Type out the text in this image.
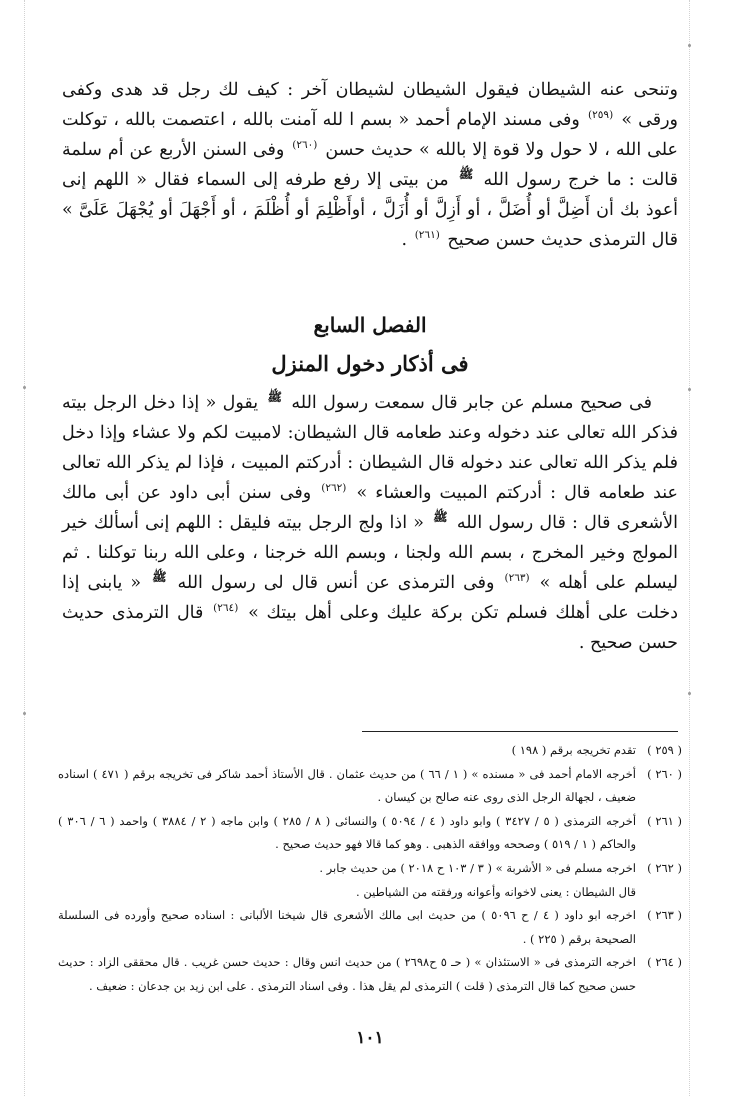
وتنحى عنه الشيطان فيقول الشيطان لشيطان آخر : كيف لك رجل قد هدى وكفى ورقى » $^{(٢٥٩)}$ وفى مسند الإمام أحمد « بسم ا لله آمنت بالله ، اعتصمت بالله ، توكلت على الله ، لا حول ولا قوة إلا بالله » حديث حسن $^{(٢٦٠)}$ وفى السنن الأربع عن أم سلمة قالت : ما خرج رسول الله $^ﷺ$ من بيتى إلا رفع طرفه إلى السماء فقال « اللهم إنى أعوذ بك أن أَضِلَّ أو أُضَلَّ ، أو أَزِلَّ أو أُزَلَّ ، أوأَظْلِمَ أو أُظْلَمَ ، أو أَجْهَلَ أو يُجْهَلَ عَلَىَّ » قال الترمذى حديث حسن صحيح $^{(٢٦١)}$ .

الفصل السابع
فى أذكار دخول المنزل

فى صحيح مسلم عن جابر قال سمعت رسول الله $^ﷺ$ يقول « إذا دخل الرجل بيته فذكر الله تعالى عند دخوله وعند طعامه قال الشيطان: لامبيت لكم ولا عشاء وإذا دخل فلم يذكر الله تعالى عند دخوله قال الشيطان : أدركتم المبيت ، فإذا لم يذكر الله تعالى عند طعامه قال : أدركتم المبيت والعشاء » $^{(٢٦٢)}$ وفى سنن أبى داود عن أبى مالك الأشعرى قال : قال رسول الله $^ﷺ$ « اذا ولج الرجل بيته فليقل : اللهم إنى أسألك خير المولج وخير المخرج ، بسم الله ولجنا ، وبسم الله خرجنا ، وعلى الله ربنا توكلنا . ثم ليسلم على أهله » $^{(٢٦٣)}$ وفى الترمذى عن أنس قال لى رسول الله $^ﷺ$ « يابنى إذا دخلت على أهلك فسلم تكن بركة عليك وعلى أهل بيتك » $^{(٢٦٤)}$ قال الترمذى حديث حسن صحيح .

( ٢٥٩ )
تقدم تخريجه برقم ( ١٩٨ )
( ٢٦٠ )
أخرجه الامام أحمد فى « مسنده » ( ١ / ٦٦ ) من حديث عثمان . قال الأستاذ أحمد شاكر فى تخريجه برقم ( ٤٧١ ) اسناده ضعيف ، لجهالة الرجل الذى روى عنه صالح بن كيسان .
( ٢٦١ )
أخرجه الترمذى ( ٥ / ٣٤٢٧ ) وابو داود ( ٤ / ٥٠٩٤ ) والنسائى ( ٨ / ٢٨٥ ) وابن ماجه ( ٢ / ٣٨٨٤ ) واحمد ( ٦ / ٣٠٦ ) والحاكم ( ١ / ٥١٩ ) وصححه ووافقه الذهبى . وهو كما قالا فهو حديث صحيح .
( ٢٦٢ )
اخرجه مسلم فى « الأشربة » ( ٣ / ١٠٣ ح ٢٠١٨ ) من حديث جابر .
قال الشيطان : يعنى لاخوانه وأعوانه ورفقته من الشياطين .
( ٢٦٣ )
اخرجه ابو داود ( ٤ / ح ٥٠٩٦ ) من حديث ابى مالك الأشعرى قال شيخنا الألبانى : اسناده صحيح وأورده فى السلسلة الصحيحة برقم ( ٢٢٥ ) .
( ٢٦٤ )
اخرجه الترمذى فى « الاستئذان » ( حـ ٥ ح٢٦٩٨ ) من حديث انس وقال : حديث حسن غريب . قال محققى الزاد : حديث حسن صحيح كما قال الترمذى ( قلت ) الترمذى لم يقل هذا . وفى اسناد الترمذى . على ابن زيد بن جدعان : ضعيف .
١٠١
